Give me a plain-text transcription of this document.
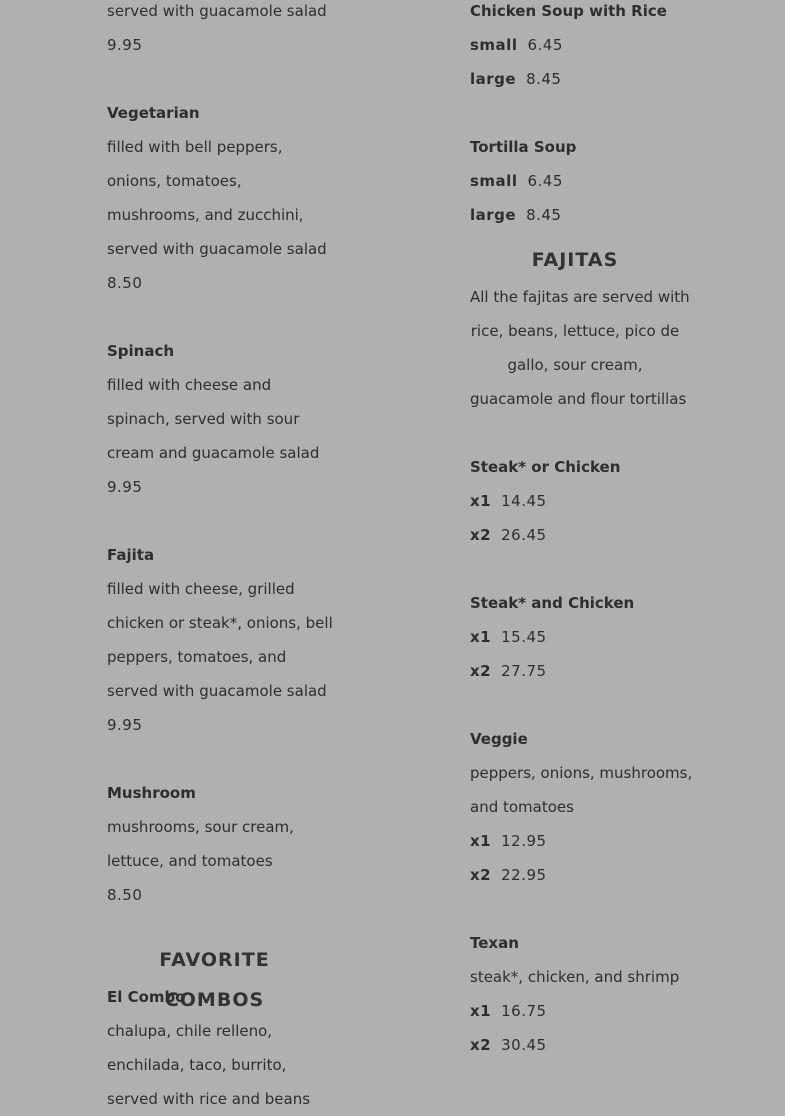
served with guacamole salad
9.95
Vegetarian
filled with bell peppers,
onions, tomatoes,
mushrooms, and zucchini,
served with guacamole salad
8.50
Spinach
filled with cheese and
spinach, served with sour
cream and guacamole salad
9.95
Fajita
filled with cheese, grilled
chicken or steak*, onions, bell
peppers, tomatoes, and
served with guacamole salad
9.95
Mushroom
mushrooms, sour cream,
lettuce, and tomatoes
8.50
FAVORITE COMBOS
El Combo
chalupa, chile relleno,
enchilada, taco, burrito,
served with rice and beans
Chicken Soup with Rice
small 6.45
large 8.45
Tortilla Soup
small 6.45
large 8.45
FAJITAS
All the fajitas are served with
rice, beans, lettuce, pico de
gallo, sour cream,
guacamole and flour tortillas
Steak* or Chicken
x1 14.45
x2 26.45
Steak* and Chicken
x1 15.45
x2 27.75
Veggie
peppers, onions, mushrooms,
and tomatoes
x1 12.95
x2 22.95
Texan
steak*, chicken, and shrimp
x1 16.75
x2 30.45
